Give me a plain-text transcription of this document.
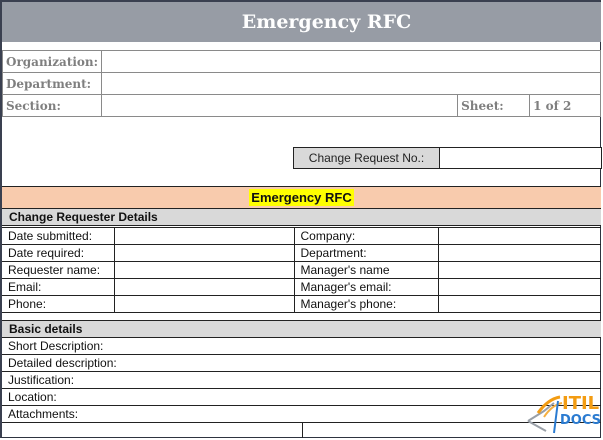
Emergency RFC
Organization:			
Department:			
Section:		Sheet:	1 of 2
Change Request No.:
Emergency RFC
Change Requester Details
Date submitted:		Company:	
Date required:		Department:	
Requester name:		Manager's name	
Email:		Manager's email:	
Phone:		Manager's phone:	
Basic details
Short Description:
Detailed description:
Justification:
Location:
Attachments:	ITIL
DOCS
